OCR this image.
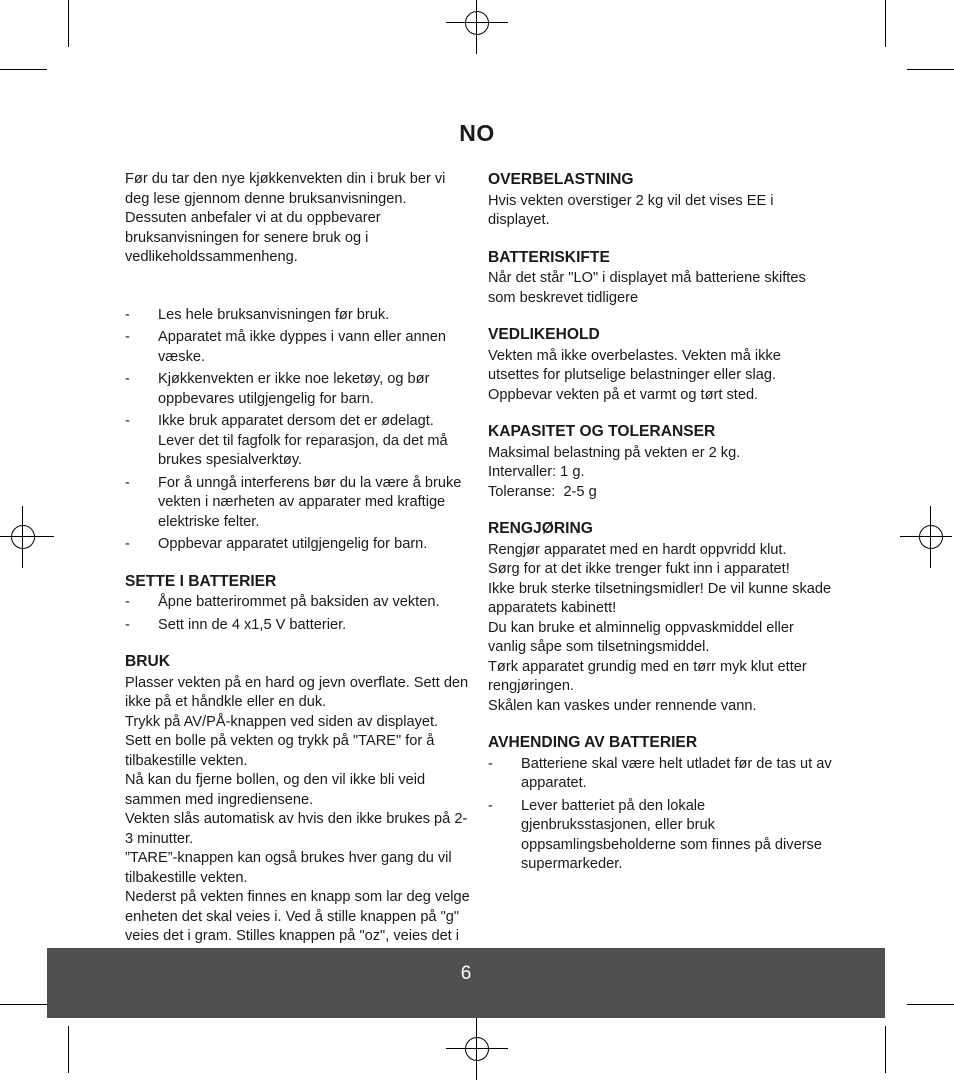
NO

Før du tar den nye kjøkkenvekten din i bruk ber vi deg lese gjennom denne bruksanvisningen. Dessuten anbefaler vi at du oppbevarer bruksanvisningen for senere bruk og i vedlikeholdssammenheng.

- Les hele bruksanvisningen før bruk.
- Apparatet må ikke dyppes i vann eller annen væske.
- Kjøkkenvekten er ikke noe leketøy, og bør oppbevares utilgjengelig for barn.
- Ikke bruk apparatet dersom det er ødelagt. Lever det til fagfolk for reparasjon, da det må brukes spesialverktøy.
- For å unngå interferens bør du la være å bruke vekten i nærheten av apparater med kraftige elektriske felter.
- Oppbevar apparatet utilgjengelig for barn.
SETTE I BATTERIER
- Åpne batterirommet på baksiden av vekten.
- Sett inn de 4 x1,5 V batterier.
BRUK
Plasser vekten på en hard og jevn overflate. Sett den ikke på et håndkle eller en duk.
Trykk på AV/PÅ-knappen ved siden av displayet.
Sett en bolle på vekten og trykk på "TARE" for å tilbakestille vekten.
Nå kan du fjerne bollen, og den vil ikke bli veid sammen med ingrediensene.
Vekten slås automatisk av hvis den ikke brukes på 2-3 minutter.
”TARE”-knappen kan også brukes hver gang du vil tilbakestille vekten.
Nederst på vekten finnes en knapp som lar deg velge enheten det skal veies i. Ved å stille knappen på "g" veies det i gram. Stilles knappen på "oz", veies det i
OVERBELASTNING
Hvis vekten overstiger 2 kg vil det vises EE i displayet.
BATTERISKIFTE
Når det står "LO" i displayet må batteriene skiftes som beskrevet tidligere
VEDLIKEHOLD
Vekten må ikke overbelastes. Vekten må ikke utsettes for plutselige belastninger eller slag.
Oppbevar vekten på et varmt og tørt sted.
KAPASITET OG TOLERANSER
Maksimal belastning på vekten er 2 kg.
Intervaller: 1 g.
Toleranse:  2-5 g
RENGJØRING
Rengjør apparatet med en hardt oppvridd klut.
Sørg for at det ikke trenger fukt inn i apparatet!
Ikke bruk sterke tilsetningsmidler! De vil kunne skade apparatets kabinett!
Du kan bruke et alminnelig oppvaskmiddel eller vanlig såpe som tilsetningsmiddel.
Tørk apparatet grundig med en tørr myk klut etter rengjøringen.
Skålen kan vaskes under rennende vann.
AVHENDING AV BATTERIER
- Batteriene skal være helt utladet før de tas ut av apparatet.
- Lever batteriet på den lokale gjenbruksstasjonen, eller bruk oppsamlingsbeholderne som finnes på diverse supermarkeder.
6
